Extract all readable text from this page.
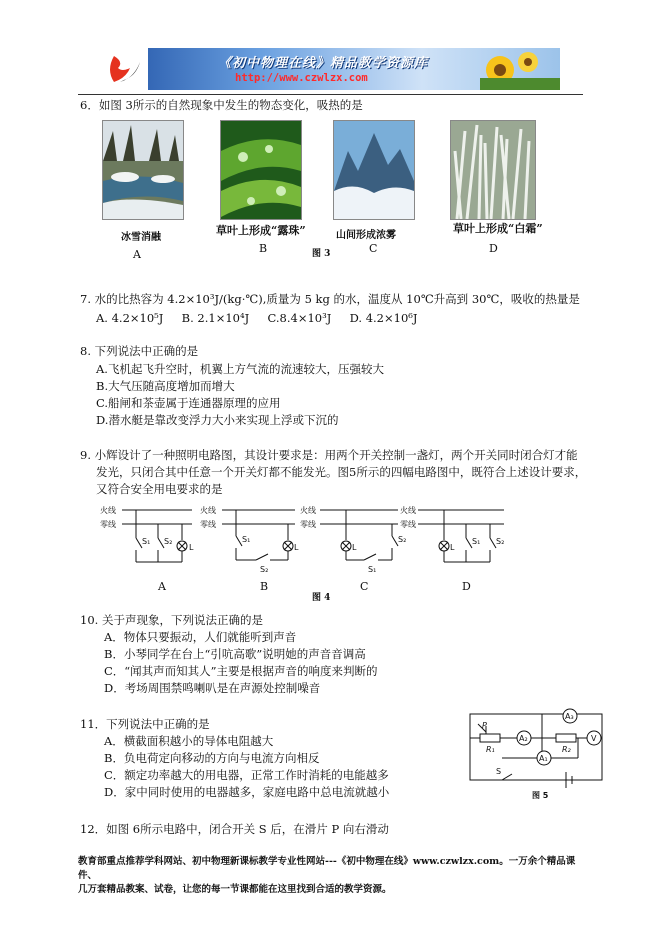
《初中物理在线》精品教学资源库
http://www.czwlzx.com
6．如图 3所示的自然现象中发生的物态变化，吸热的是
冰雪消融
草叶上形成“露珠”	山间形成浓雾
草叶上形成“白霜”
A	B	C	D
图 3
7. 水的比热容为 4.2×10³J/(kg·℃),质量为 5 kg 的水，温度从 10℃升高到 30℃，吸收的热量是
A. 4.2×10⁵J     B. 2.1×10⁴J     C.8.4×10³J     D. 4.2×10⁶J
8. 下列说法中正确的是
A.飞机起飞升空时，机翼上方气流的流速较大，压强较大
B.大气压随高度增加而增大
C.船闸和茶壶属于连通器原理的应用
D.潜水艇是靠改变浮力大小来实现上浮或下沉的
9. 小辉设计了一种照明电路图，其设计要求是：用两个开关控制一盏灯，两个开关同时闭合灯才能
发光，只闭合其中任意一个开关灯都不能发光。图5所示的四幅电路图中，既符合上述设计要求，
又符合安全用电要求的是
火线
零线
S₁ S₂
L
火线
零线
S₁
S₂
L
火线
零线
L
S₁
S₂
火线
零线
L
S₁ S₂
A	B	C	D
图 4
10. 关于声现象，下列说法正确的是
A．物体只要振动，人们就能听到声音
B．小琴同学在台上“引吭高歌”说明她的声音音调高
C．“闻其声而知其人”主要是根据声音的响度来判断的
D．考场周围禁鸣喇叭是在声源处控制噪音
11．下列说法中正确的是
A．横截面积越小的导体电阻越大
B．负电荷定向移动的方向与电流方向相反
C．额定功率越大的用电器，正常工作时消耗的电能越多
D．家中同时使用的电器越多，家庭电路中总电流就越小
P
R₁	R₂
A₂
A₁
A₃
V
S
图 5
12．如图 6所示电路中，闭合开关 S 后，在滑片 P 向右滑动
教育部重点推荐学科网站、初中物理新课标教学专业性网站---《初中物理在线》www.czwlzx.com。一万余个精品课件、
几万套精品教案、试卷，让您的每一节课都能在这里找到合适的教学资源。
